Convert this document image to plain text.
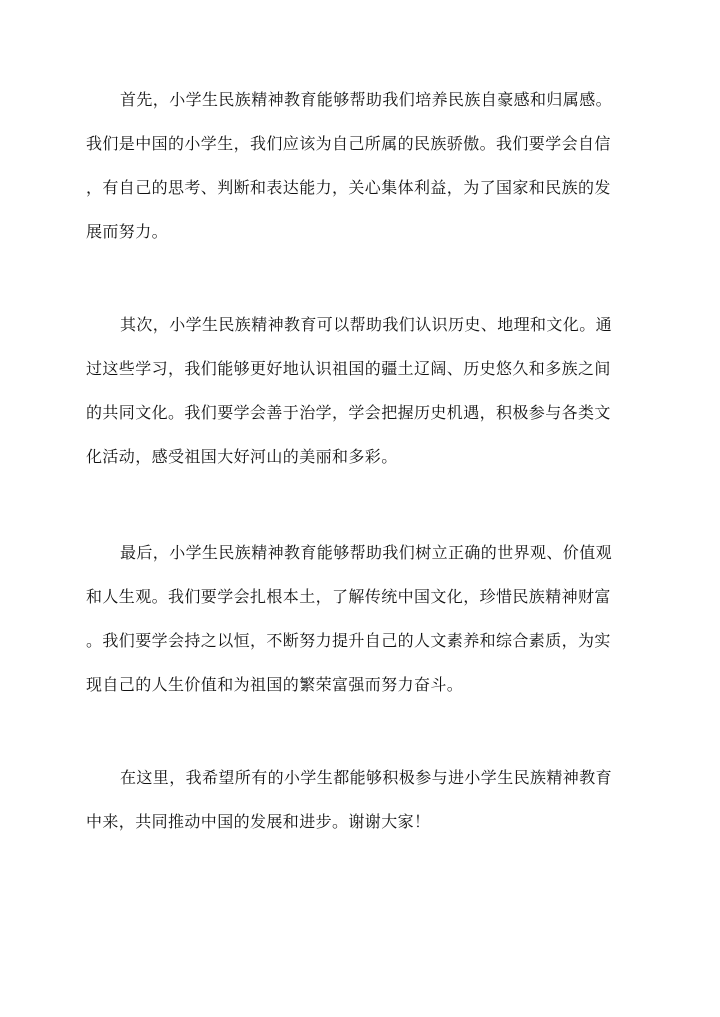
首先，小学生民族精神教育能够帮助我们培养民族自豪感和归属感。
我们是中国的小学生，我们应该为自己所属的民族骄傲。我们要学会自信
，有自己的思考、判断和表达能力，关心集体利益，为了国家和民族的发
展而努力。
其次，小学生民族精神教育可以帮助我们认识历史、地理和文化。通
过这些学习，我们能够更好地认识祖国的疆土辽阔、历史悠久和多族之间
的共同文化。我们要学会善于治学，学会把握历史机遇，积极参与各类文
化活动，感受祖国大好河山的美丽和多彩。
最后，小学生民族精神教育能够帮助我们树立正确的世界观、价值观
和人生观。我们要学会扎根本土，了解传统中国文化，珍惜民族精神财富
。我们要学会持之以恒，不断努力提升自己的人文素养和综合素质，为实
现自己的人生价值和为祖国的繁荣富强而努力奋斗。
在这里，我希望所有的小学生都能够积极参与进小学生民族精神教育
中来，共同推动中国的发展和进步。谢谢大家！
